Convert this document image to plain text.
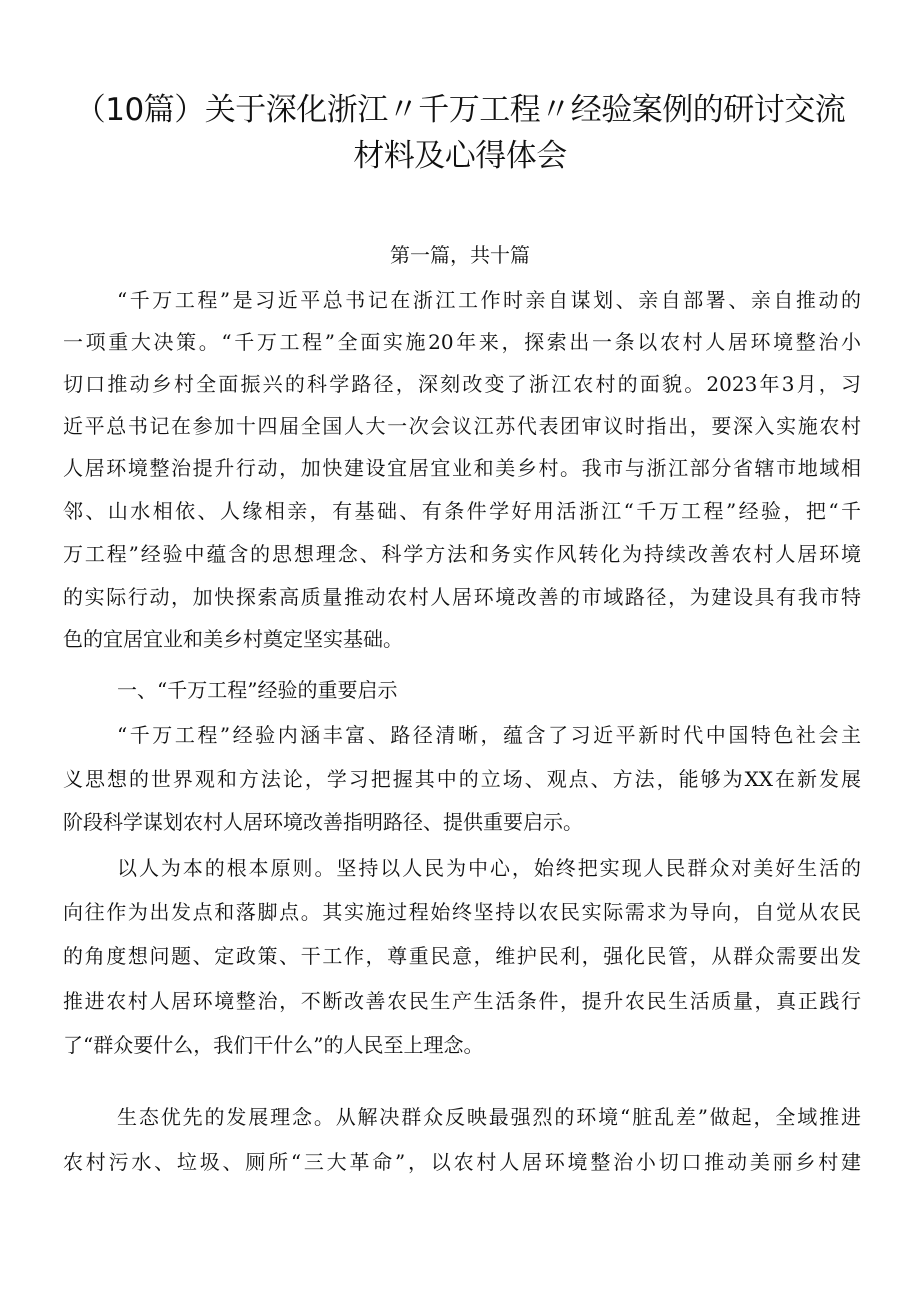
（10篇）关于深化浙江〃千万工程〃经验案例的研讨交流
材料及心得体会
第一篇，共十篇
“千万工程”是习近平总书记在浙江工作时亲自谋划、亲自部署、亲自推动的
一项重大决策。“千万工程”全面实施20年来，探索出一条以农村人居环境整治小
切口推动乡村全面振兴的科学路径，深刻改变了浙江农村的面貌。2023年3月，习
近平总书记在参加十四届全国人大一次会议江苏代表团审议时指出，要深入实施农村
人居环境整治提升行动，加快建设宜居宜业和美乡村。我市与浙江部分省辖市地域相
邻、山水相依、人缘相亲，有基础、有条件学好用活浙江“千万工程”经验，把“千
万工程”经验中蕴含的思想理念、科学方法和务实作风转化为持续改善农村人居环境
的实际行动，加快探索高质量推动农村人居环境改善的市域路径，为建设具有我市特
色的宜居宜业和美乡村奠定坚实基础。
一、“千万工程”经验的重要启示
“千万工程”经验内涵丰富、路径清晰，蕴含了习近平新时代中国特色社会主
义思想的世界观和方法论，学习把握其中的立场、观点、方法，能够为XX在新发展
阶段科学谋划农村人居环境改善指明路径、提供重要启示。
以人为本的根本原则。坚持以人民为中心，始终把实现人民群众对美好生活的
向往作为出发点和落脚点。其实施过程始终坚持以农民实际需求为导向，自觉从农民
的角度想问题、定政策、干工作，尊重民意，维护民利，强化民管，从群众需要出发
推进农村人居环境整治，不断改善农民生产生活条件，提升农民生活质量，真正践行
了“群众要什么，我们干什么”的人民至上理念。
生态优先的发展理念。从解决群众反映最强烈的环境“脏乱差”做起，全域推进
农村污水、垃圾、厕所“三大革命”，以农村人居环境整治小切口推动美丽乡村建
